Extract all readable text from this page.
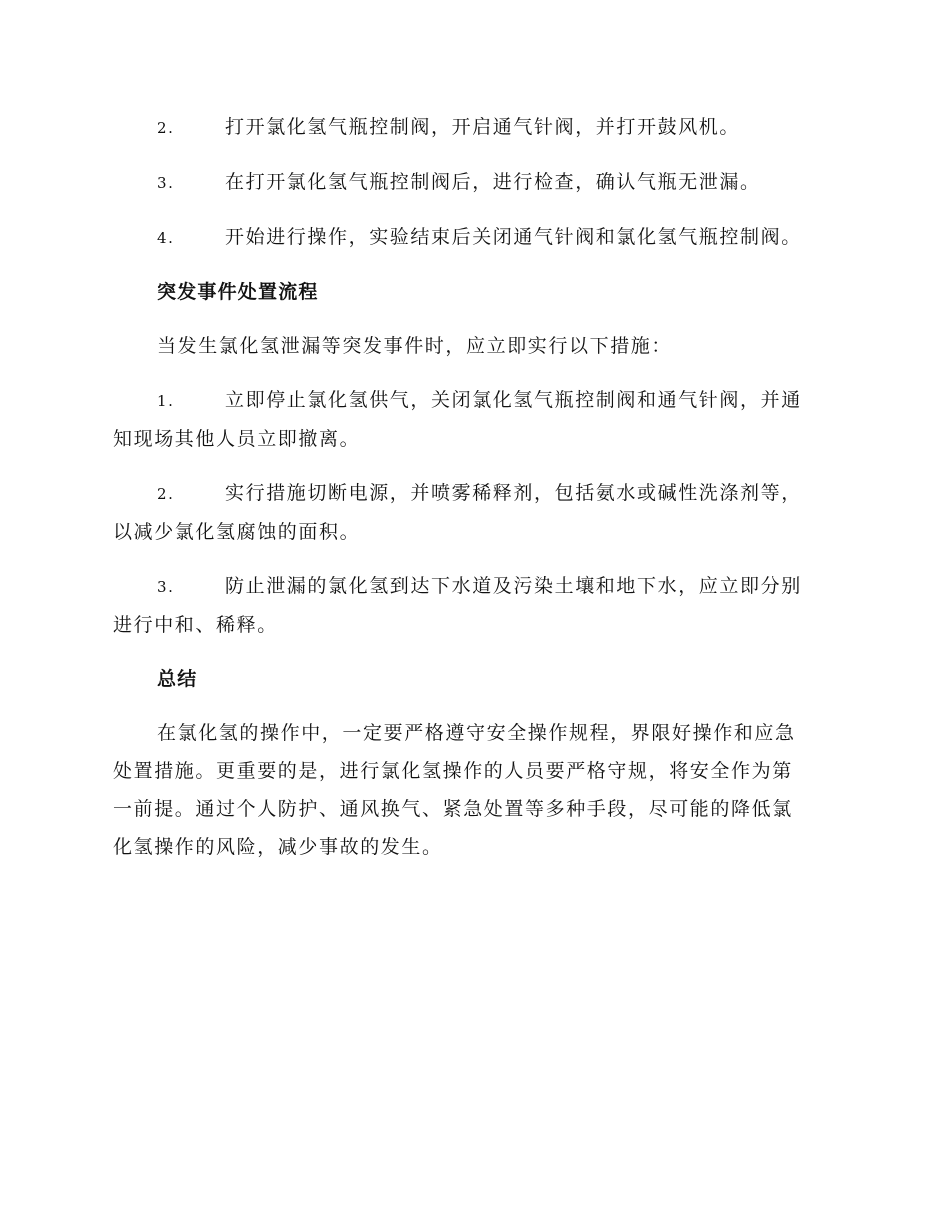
2.	打开氯化氢气瓶控制阀，开启通气针阀，并打开鼓风机。
3.	在打开氯化氢气瓶控制阀后，进行检查，确认气瓶无泄漏。
4.	开始进行操作，实验结束后关闭通气针阀和氯化氢气瓶控制阀。
突发事件处置流程
当发生氯化氢泄漏等突发事件时，应立即实行以下措施：
1.	立即停止氯化氢供气，关闭氯化氢气瓶控制阀和通气针阀，并通
知现场其他人员立即撤离。
2.	实行措施切断电源，并喷雾稀释剂，包括氨水或碱性洗涤剂等，
以减少氯化氢腐蚀的面积。
3.	防止泄漏的氯化氢到达下水道及污染土壤和地下水，应立即分别
进行中和、稀释。
总结
在氯化氢的操作中，一定要严格遵守安全操作规程，界限好操作和应急
处置措施。更重要的是，进行氯化氢操作的人员要严格守规，将安全作为第
一前提。通过个人防护、通风换气、紧急处置等多种手段，尽可能的降低氯
化氢操作的风险，减少事故的发生。
